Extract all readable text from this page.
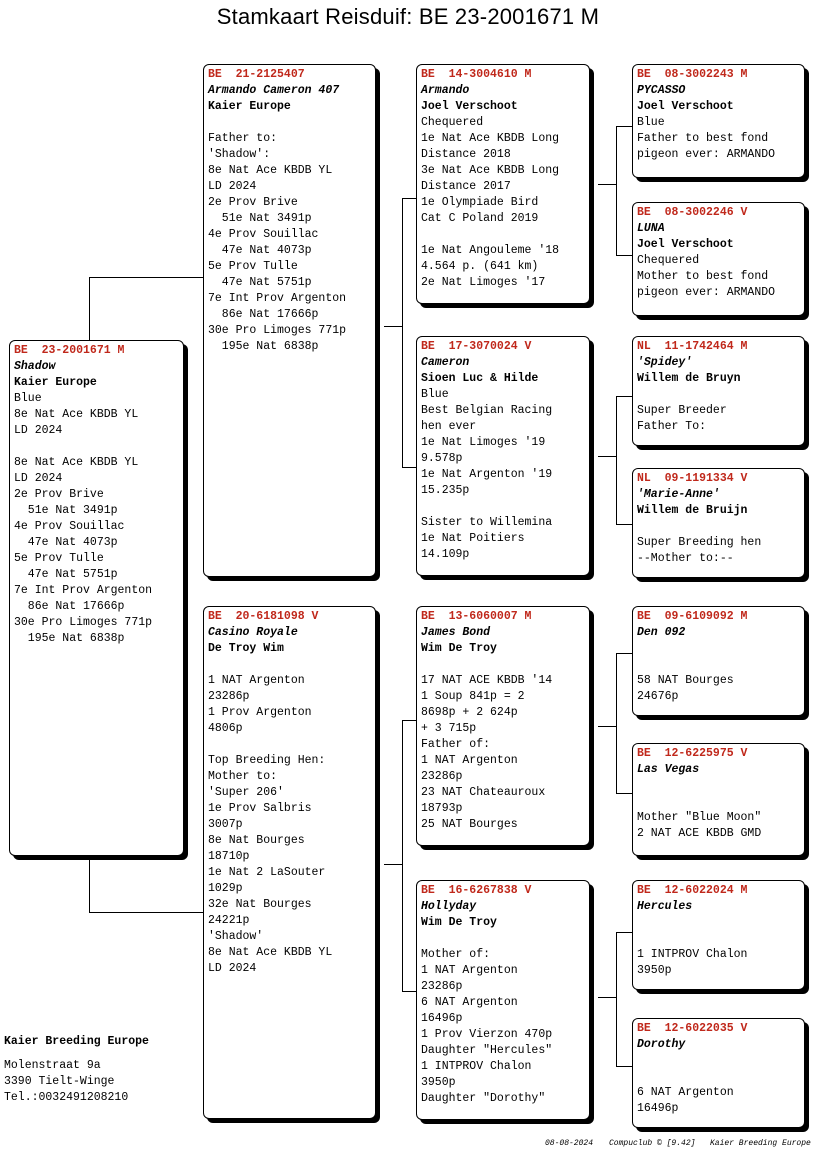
Stamkaart Reisduif: BE 23-2001671 M
BE  23-2001671 M
Shadow
Kaier Europe
Blue
8e Nat Ace KBDB YL
LD 2024
8e Nat Ace KBDB YL
LD 2024
2e Prov Brive
51e Nat 3491p
4e Prov Souillac
47e Nat 4073p
5e Prov Tulle
47e Nat 5751p
7e Int Prov Argenton
86e Nat 17666p
30e Pro Limoges 771p
195e Nat 6838p
BE  21-2125407
Armando Cameron 407
Kaier Europe
Father to:
'Shadow':
8e Nat Ace KBDB YL
LD 2024
2e Prov Brive
51e Nat 3491p
4e Prov Souillac
47e Nat 4073p
5e Prov Tulle
47e Nat 5751p
7e Int Prov Argenton
86e Nat 17666p
30e Pro Limoges 771p
195e Nat 6838p
BE  20-6181098 V
Casino Royale
De Troy Wim
1 NAT Argenton
23286p
1 Prov Argenton
4806p
Top Breeding Hen:
Mother to:
'Super 206'
1e Prov Salbris
3007p
8e Nat Bourges
18710p
1e Nat 2 LaSouter
1029p
32e Nat Bourges
24221p
'Shadow'
8e Nat Ace KBDB YL
LD 2024
BE  14-3004610 M
Armando
Joel Verschoot
Chequered
1e Nat Ace KBDB Long
Distance 2018
3e Nat Ace KBDB Long
Distance 2017
1e Olympiade Bird
Cat C Poland 2019
1e Nat Angouleme '18
4.564 p. (641 km)
2e Nat Limoges '17
BE  17-3070024 V
Cameron
Sioen Luc & Hilde
Blue
Best Belgian Racing
hen ever
1e Nat Limoges '19
9.578p
1e Nat Argenton '19
15.235p
Sister to Willemina
1e Nat Poitiers
14.109p
BE  13-6060007 M
James Bond
Wim De Troy
17 NAT ACE KBDB '14
1 Soup 841p = 2
8698p + 2 624p
+ 3 715p
Father of:
1 NAT Argenton
23286p
23 NAT Chateauroux
18793p
25 NAT Bourges
BE  16-6267838 V
Hollyday
Wim De Troy
Mother of:
1 NAT Argenton
23286p
6 NAT Argenton
16496p
1 Prov Vierzon 470p
Daughter "Hercules"
1 INTPROV Chalon
3950p
Daughter "Dorothy"
BE  08-3002243 M
PYCASSO
Joel Verschoot
Blue
Father to best fond
pigeon ever: ARMANDO
BE  08-3002246 V
LUNA
Joel Verschoot
Chequered
Mother to best fond
pigeon ever: ARMANDO
NL  11-1742464 M
'Spidey'
Willem de Bruyn
Super Breeder
Father To:
NL  09-1191334 V
'Marie-Anne'
Willem de Bruijn
Super Breeding hen
--Mother to:--
BE  09-6109092 M
Den 092
58 NAT Bourges
24676p
BE  12-6225975 V
Las Vegas
Mother "Blue Moon"
2 NAT ACE KBDB GMD
BE  12-6022024 M
Hercules
1 INTPROV Chalon
3950p
BE  12-6022035 V
Dorothy
6 NAT Argenton
16496p
Kaier Breeding Europe
Molenstraat 9a
3390 Tielt-Winge
Tel.:0032491208210
08-08-2024 Compuclub © [9.42] Kaier Breeding Europe
